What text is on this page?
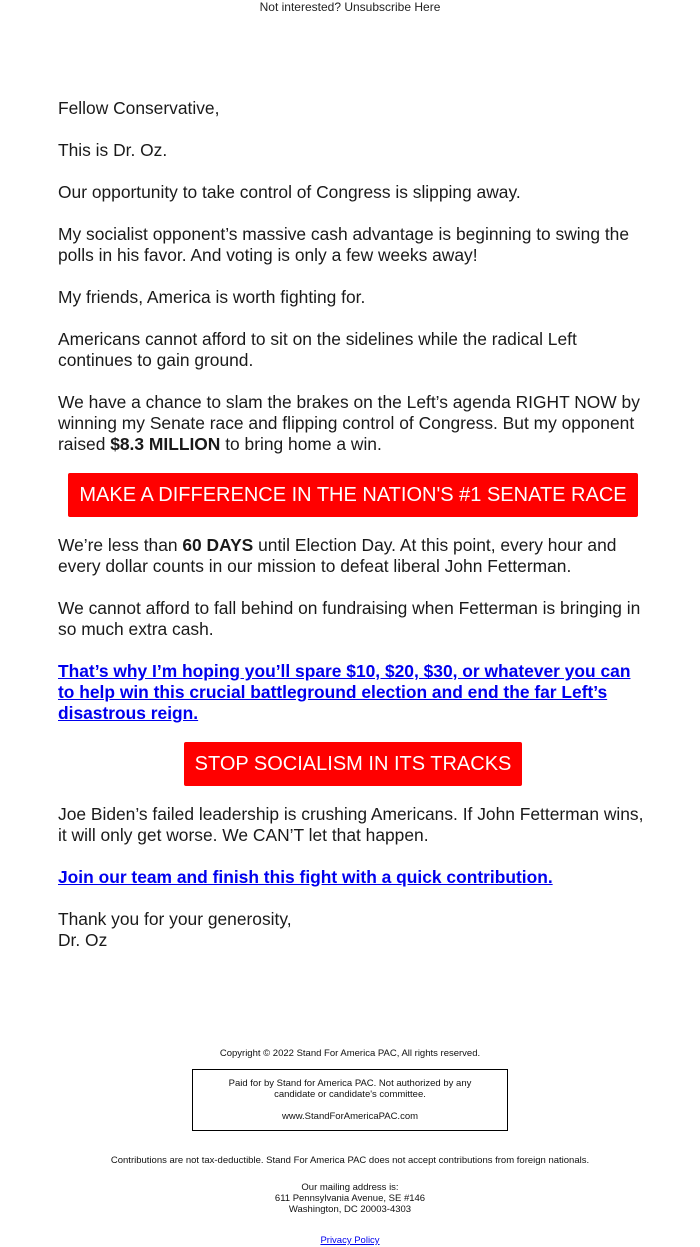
Not interested? Unsubscribe Here

Fellow Conservative,

This is Dr. Oz.

Our opportunity to take control of Congress is slipping away.

My socialist opponent’s massive cash advantage is beginning to swing the polls in his favor. And voting is only a few weeks away!

My friends, America is worth fighting for.

Americans cannot afford to sit on the sidelines while the radical Left continues to gain ground.

We have a chance to slam the brakes on the Left’s agenda RIGHT NOW by winning my Senate race and flipping control of Congress. But my opponent raised $8.3 MILLION to bring home a win.

MAKE A DIFFERENCE IN THE NATION'S #1 SENATE RACE

We’re less than 60 DAYS until Election Day. At this point, every hour and every dollar counts in our mission to defeat liberal John Fetterman.

We cannot afford to fall behind on fundraising when Fetterman is bringing in so much extra cash.

That’s why I’m hoping you’ll spare $10, $20, $30, or whatever you can to help win this crucial battleground election and end the far Left’s disastrous reign.

STOP SOCIALISM IN ITS TRACKS

Joe Biden’s failed leadership is crushing Americans. If John Fetterman wins, it will only get worse. We CAN’T let that happen.

Join our team and finish this fight with a quick contribution.

Thank you for your generosity,

Dr. Oz

Copyright © 2022 Stand For America PAC, All rights reserved.
Paid for by Stand for America PAC. Not authorized by any candidate or candidate's committee.
www.StandForAmericaPAC.com
Contributions are not tax-deductible. Stand For America PAC does not accept contributions from foreign nationals.
Our mailing address is:
611 Pennsylvania Avenue, SE #146
Washington, DC 20003-4303
Privacy Policy
